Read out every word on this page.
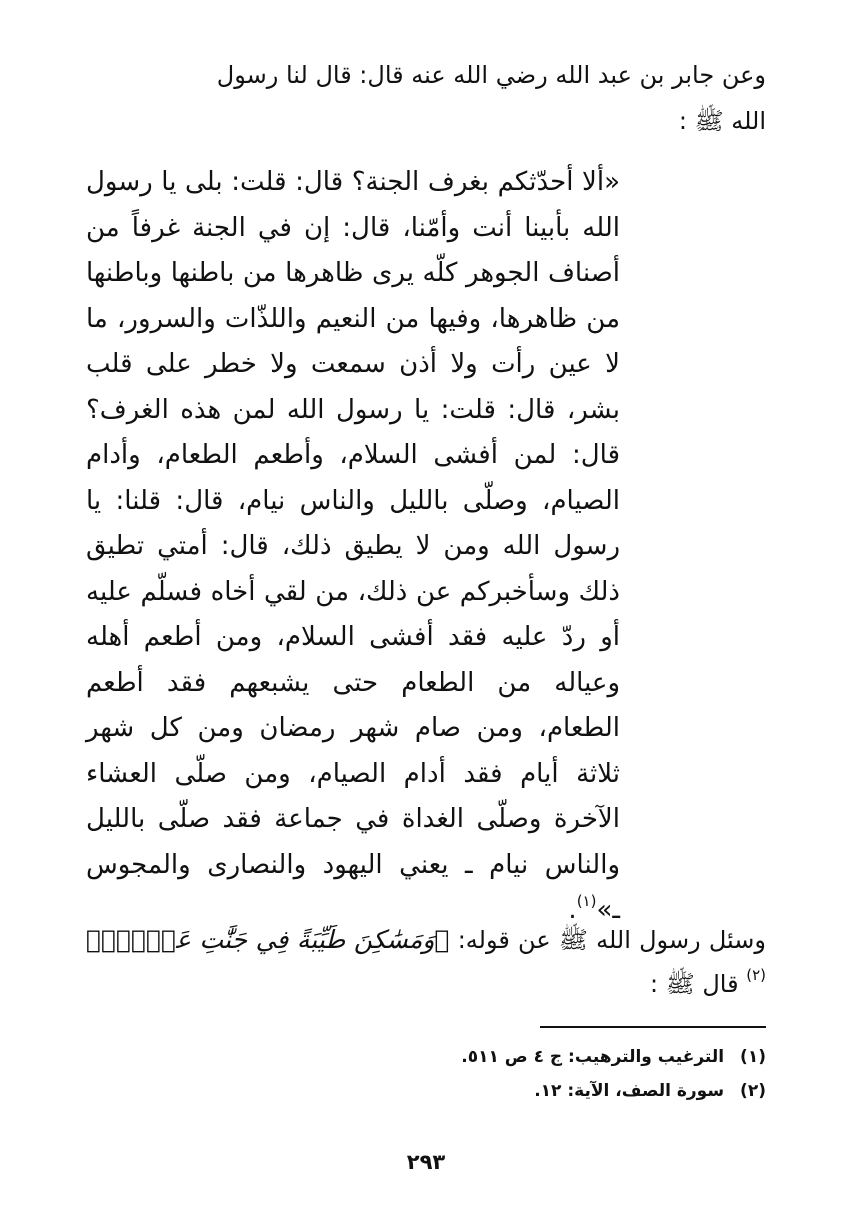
وعن جابر بن عبد الله رضي الله عنه قال: قال لنا رسول
الله ﷺ :
«ألا أحدّثكم بغرف الجنة؟ قال: قلت: بلى يا رسول الله بأبينا أنت وأمّنا، قال: إن في الجنة غرفاً من أصناف الجوهر كلّه يرى ظاهرها من باطنها وباطنها من ظاهرها، وفيها من النعيم واللذّات والسرور، ما لا عين رأت ولا أذن سمعت ولا خطر على قلب بشر، قال: قلت: يا رسول الله لمن هذه الغرف؟ قال: لمن أفشى السلام، وأطعم الطعام، وأدام الصيام، وصلّى بالليل والناس نيام، قال: قلنا: يا رسول الله ومن لا يطيق ذلك، قال: أمتي تطيق ذلك وسأخبركم عن ذلك، من لقي أخاه فسلّم عليه أو ردّ عليه فقد أفشى السلام، ومن أطعم أهله وعياله من الطعام حتى يشبعهم فقد أطعم الطعام، ومن صام شهر رمضان ومن كل شهر ثلاثة أيام فقد أدام الصيام، ومن صلّى العشاء الآخرة وصلّى الغداة في جماعة فقد صلّى بالليل والناس نيام ـ يعني اليهود والنصارى والمجوس ـ»$^{(١)}$.
وسئل رسول الله ﷺ عن قوله: ﴿وَمَسَٰكِنَ طَيِّبَةً فِي جَنَّٰتِ عَدۡنٍۚ﴾$^{(٢)}$ قال ﷺ :
(١)الترغيب والترهيب: ج ٤ ص ٥١١.
(٢)سورة الصف، الآية: ١٢.
٢٩٣
